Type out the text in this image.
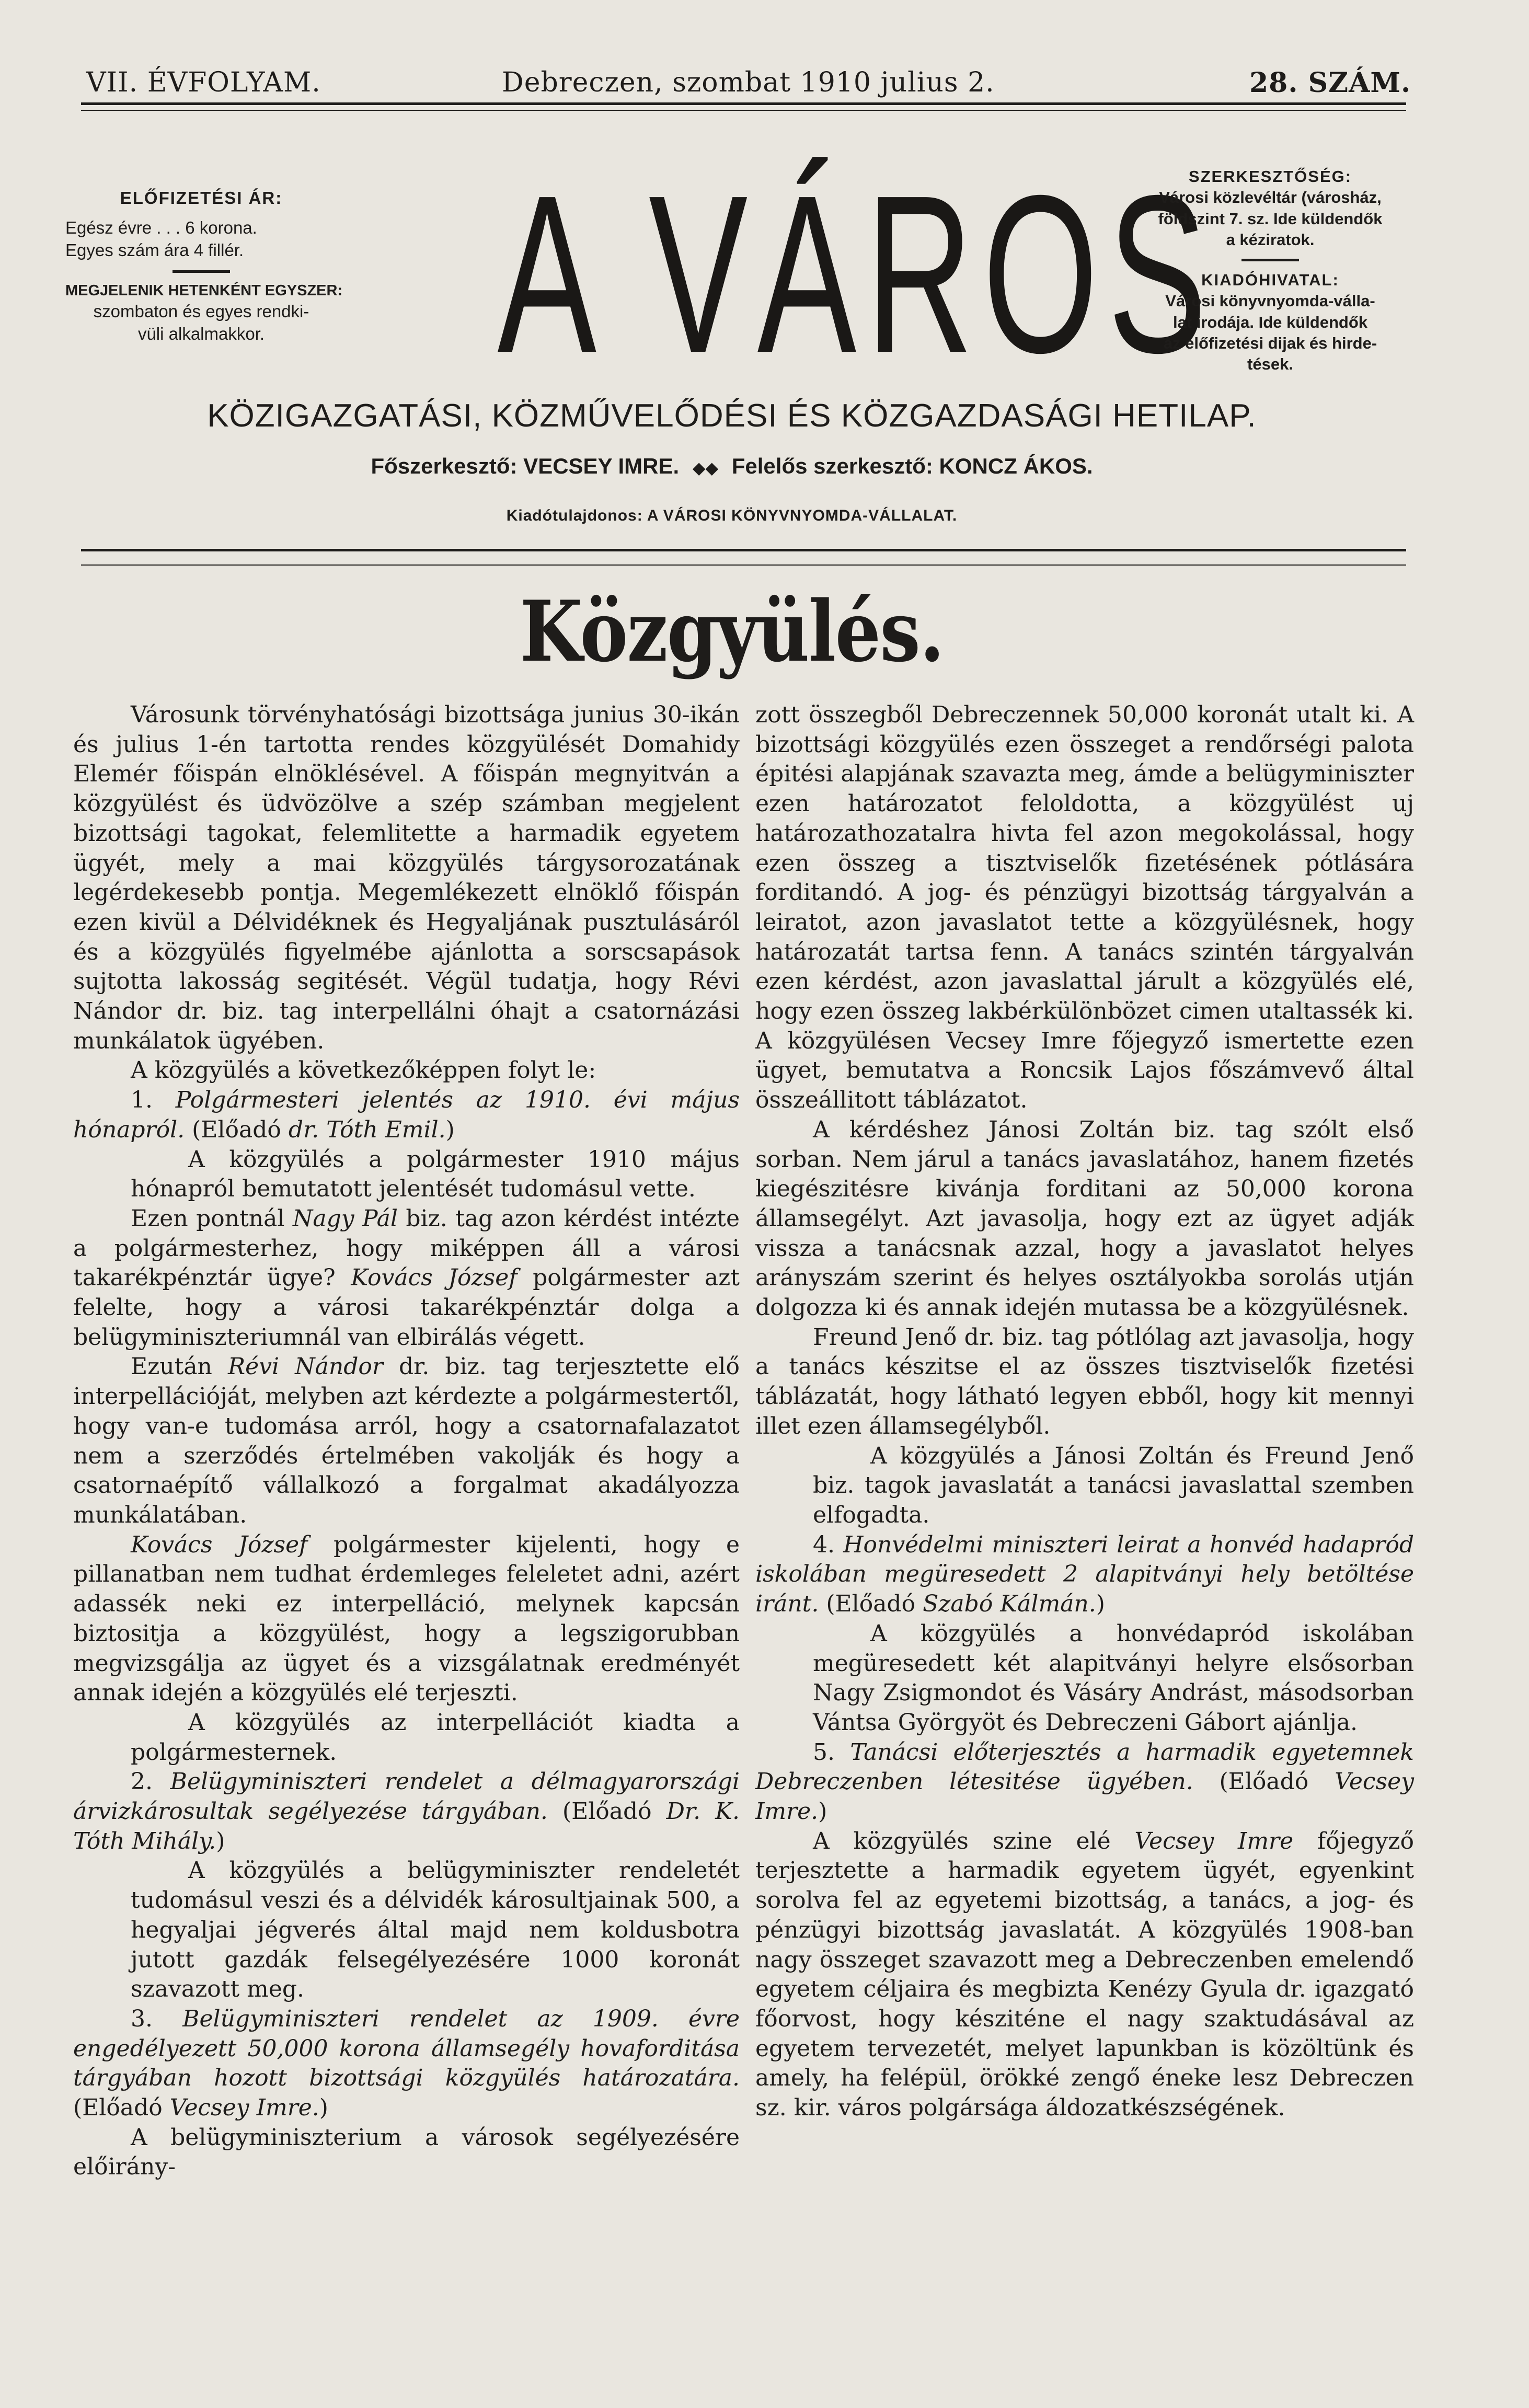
VII. ÉVFOLYAM.	Debreczen, szombat 1910 julius 2.	28. SZÁM.
ELŐFIZETÉSI ÁR:
Egész évre . . . 6 korona.
Egyes szám ára 4 fillér.
MEGJELENIK HETENKÉNT EGYSZER:
szombaton és egyes rendki-
vüli alkalmakkor.	A VÁROS
SZERKESZTŐSÉG:
Városi közlevéltár (városház,
földszint 7. sz. Ide küldendők
a kéziratok.
KIADÓHIVATAL:
Városi könyvnyomda-válla-
lat irodája. Ide küldendők
az előfizetési dijak és hirde-
tések.
KÖZIGAZGATÁSI, KÖZMŰVELŐDÉSI ÉS KÖZGAZDASÁGI HETILAP.
Főszerkesztő: VECSEY IMRE. ◆◆ Felelős szerkesztő: KONCZ ÁKOS.
Kiadótulajdonos: A VÁROSI KÖNYVNYOMDA-VÁLLALAT.
Közgyülés.

Városunk törvényhatósági bizottsága junius 30-ikán és julius 1-én tartotta rendes közgyülését Domahidy Elemér főispán elnöklésével. A főispán megnyitván a közgyülést és üdvözölve a szép számban megjelent bizottsági tagokat, felemlitette a harmadik egyetem ügyét, mely a mai közgyülés tárgysorozatának legérdekesebb pontja. Megemlékezett elnöklő főispán ezen kivül a Délvidéknek és Hegyaljának pusztulásáról és a közgyülés figyelmébe ajánlotta a sorscsapások sujtotta lakosság segitését. Végül tudatja, hogy Révi Nándor dr. biz. tag interpellálni óhajt a csatornázási munkálatok ügyében.

A közgyülés a következőképpen folyt le:

1. Polgármesteri jelentés az 1910. évi május hónapról. (Előadó dr. Tóth Emil.)

A közgyülés a polgármester 1910 május hónapról bemutatott jelentését tudomásul vette.

Ezen pontnál Nagy Pál biz. tag azon kérdést intézte a polgármesterhez, hogy miképpen áll a városi takarékpénztár ügye? Kovács József polgármester azt felelte, hogy a városi takarékpénztár dolga a belügyminiszteriumnál van elbirálás végett.

Ezután Révi Nándor dr. biz. tag terjesztette elő interpellációját, melyben azt kérdezte a polgármestertől, hogy van-e tudomása arról, hogy a csatornafalazatot nem a szerződés értelmében vakolják és hogy a csatornaépítő vállalkozó a forgalmat akadályozza munkálatában.

Kovács József polgármester kijelenti, hogy e pillanatban nem tudhat érdemleges feleletet adni, azért adassék neki ez interpelláció, melynek kapcsán biztositja a közgyülést, hogy a legszigorubban megvizsgálja az ügyet és a vizsgálatnak eredményét annak idején a közgyülés elé terjeszti.

A közgyülés az interpellációt kiadta a polgármesternek.

2. Belügyminiszteri rendelet a délmagyarországi árvizkárosultak segélyezése tárgyában. (Előadó Dr. K. Tóth Mihály.)

A közgyülés a belügyminiszter rendeletét tudomásul veszi és a délvidék károsultjainak 500, a hegyaljai jégverés által majd nem koldusbotra jutott gazdák felsegélyezésére 1000 koronát szavazott meg.

3. Belügyminiszteri rendelet az 1909. évre engedélyezett 50,000 korona államsegély hovaforditása tárgyában hozott bizottsági közgyülés határozatára. (Előadó Vecsey Imre.)

A belügyminiszterium a városok segélyezésére előirány-

zott összegből Debreczennek 50,000 koronát utalt ki. A bizottsági közgyülés ezen összeget a rendőrségi palota épitési alapjának szavazta meg, ámde a belügyminiszter ezen határozatot feloldotta, a közgyülést uj határozathozatalra hivta fel azon megokolással, hogy ezen összeg a tisztviselők fizetésének pótlására forditandó. A jog- és pénzügyi bizottság tárgyalván a leiratot, azon javaslatot tette a közgyülésnek, hogy határozatát tartsa fenn. A tanács szintén tárgyalván ezen kérdést, azon javaslattal járult a közgyülés elé, hogy ezen összeg lakbérkülönbözet cimen utaltassék ki. A közgyülésen Vecsey Imre főjegyző ismertette ezen ügyet, bemutatva a Roncsik Lajos főszámvevő által összeállitott táblázatot.

A kérdéshez Jánosi Zoltán biz. tag szólt első sorban. Nem járul a tanács javaslatához, hanem fizetés kiegészitésre kivánja forditani az 50,000 korona államsegélyt. Azt javasolja, hogy ezt az ügyet adják vissza a tanácsnak azzal, hogy a javaslatot helyes arányszám szerint és helyes osztályokba sorolás utján dolgozza ki és annak idején mutassa be a közgyülésnek.

Freund Jenő dr. biz. tag pótlólag azt javasolja, hogy a tanács készitse el az összes tisztviselők fizetési táblázatát, hogy látható legyen ebből, hogy kit mennyi illet ezen államsegélyből.

A közgyülés a Jánosi Zoltán és Freund Jenő biz. tagok javaslatát a tanácsi javaslattal szemben elfogadta.

4. Honvédelmi miniszteri leirat a honvéd hadapród iskolában megüresedett 2 alapitványi hely betöltése iránt. (Előadó Szabó Kálmán.)

A közgyülés a honvédapród iskolában megüresedett két alapitványi helyre elsősorban Nagy Zsigmondot és Vásáry Andrást, másodsorban Vántsa Györgyöt és Debreczeni Gábort ajánlja.

5. Tanácsi előterjesztés a harmadik egyetemnek Debreczenben létesitése ügyében. (Előadó Vecsey Imre.)

A közgyülés szine elé Vecsey Imre főjegyző terjesztette a harmadik egyetem ügyét, egyenkint sorolva fel az egyetemi bizottság, a tanács, a jog- és pénzügyi bizottság javaslatát. A közgyülés 1908-ban nagy összeget szavazott meg a Debreczenben emelendő egyetem céljaira és megbizta Kenézy Gyula dr. igazgató főorvost, hogy késziténe el nagy szaktudásával az egyetem tervezetét, melyet lapunkban is közöltünk és amely, ha felépül, örökké zengő éneke lesz Debreczen sz. kir. város polgársága áldozatkészségének.
